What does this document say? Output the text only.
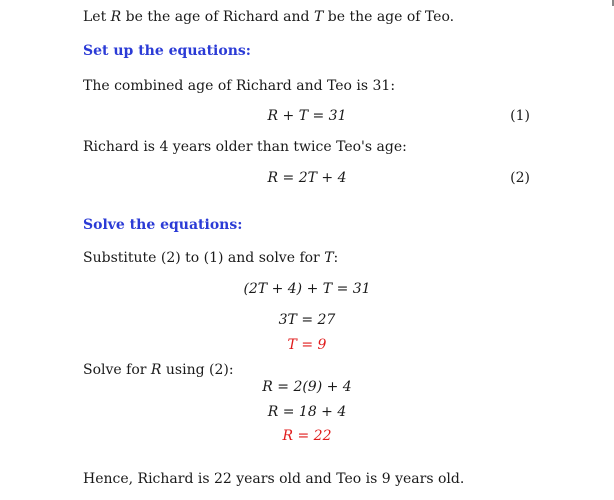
Let R be the age of Richard and T be the age of Teo.
Set up the equations:
The combined age of Richard and Teo is 31:
R + T = 31	(1)
Richard is 4 years older than twice Teo's age:
R = 2T + 4	(2)
Solve the equations:
Substitute (2) to (1) and solve for T:
(2T + 4) + T = 31
3T = 27
T = 9
Solve for R using (2):
R = 2(9) + 4
R = 18 + 4
R = 22
Hence, Richard is 22 years old and Teo is 9 years old.
